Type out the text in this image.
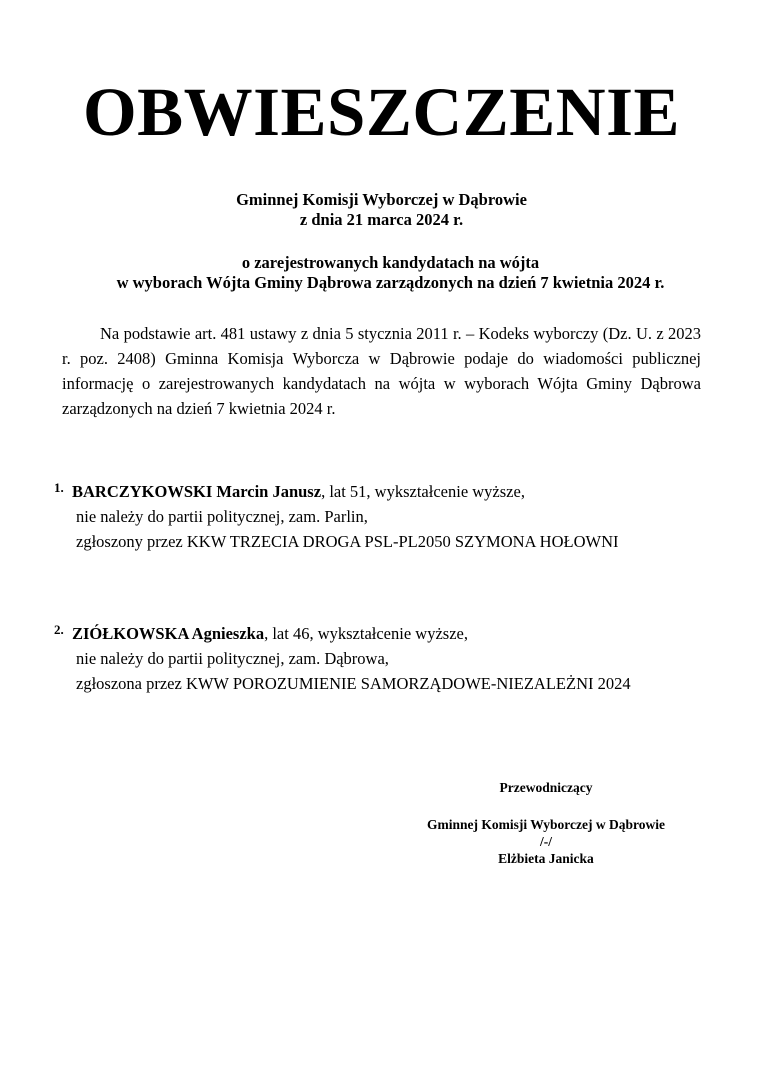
OBWIESZCZENIE
Gminnej Komisji Wyborczej w Dąbrowie
z dnia 21 marca 2024 r.
o zarejestrowanych kandydatach na wójta
w wyborach Wójta Gminy Dąbrowa zarządzonych na dzień 7 kwietnia 2024 r.

Na podstawie art. 481 ustawy z dnia 5 stycznia 2011 r. – Kodeks wyborczy (Dz. U. z 2023 r. poz. 2408) Gminna Komisja Wyborcza w Dąbrowie podaje do wiadomości publicznej informację o zarejestrowanych kandydatach na wójta w wyborach Wójta Gminy Dąbrowa zarządzonych na dzień 7 kwietnia 2024 r.

1. BARCZYKOWSKI Marcin Janusz, lat 51, wykształcenie wyższe,
nie należy do partii politycznej, zam. Parlin,
zgłoszony przez KKW TRZECIA DROGA PSL-PL2050 SZYMONA HOŁOWNI
2. ZIÓŁKOWSKA Agnieszka, lat 46, wykształcenie wyższe,
nie należy do partii politycznej, zam. Dąbrowa,
zgłoszona przez KWW POROZUMIENIE SAMORZĄDOWE-NIEZALEŻNI 2024
Przewodniczący
Gminnej Komisji Wyborczej w Dąbrowie
/-/
Elżbieta Janicka
